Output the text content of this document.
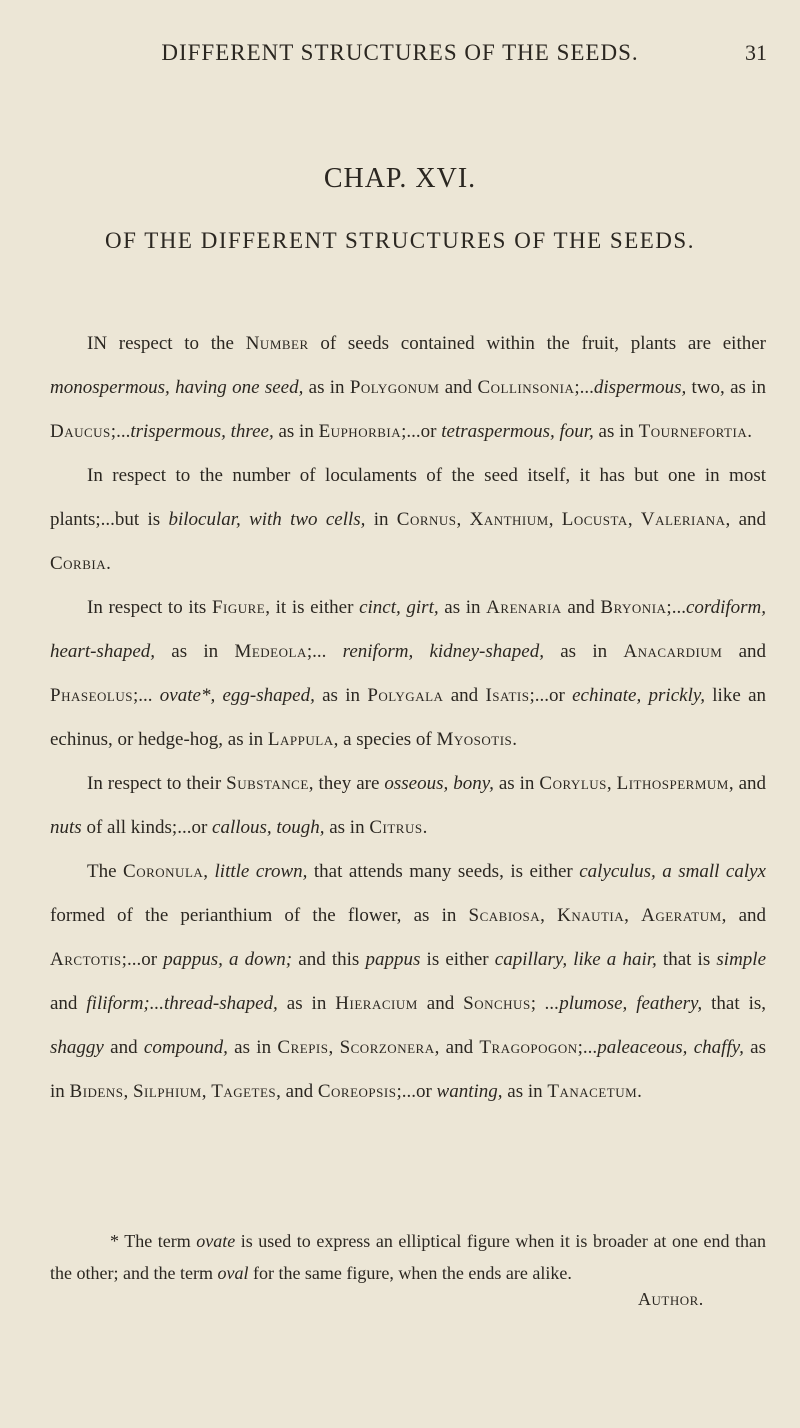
DIFFERENT STRUCTURES OF THE SEEDS.	31
CHAP. XVI.
OF THE DIFFERENT STRUCTURES OF THE SEEDS.

IN respect to the Number of seeds contained within the fruit, plants are either monospermous, having one seed, as in Polygonum and Collinsonia;...dispermous, two, as in Daucus;...trispermous, three, as in Euphorbia;...or tetraspermous, four, as in Tournefortia.

In respect to the number of loculaments of the seed itself, it has but one in most plants;...but is bilocular, with two cells, in Cornus, Xanthium, Locusta, Valeriana, and Corbia.

In respect to its Figure, it is either cinct, girt, as in Arenaria and Bryonia;...cordiform, heart-shaped, as in Medeola;... reniform, kidney-shaped, as in Anacardium and Phaseolus;... ovate*, egg-shaped, as in Polygala and Isatis;...or echinate, prickly, like an echinus, or hedge-hog, as in Lappula, a species of Myosotis.

In respect to their Substance, they are osseous, bony, as in Corylus, Lithospermum, and nuts of all kinds;...or callous, tough, as in Citrus.

The Coronula, little crown, that attends many seeds, is either calyculus, a small calyx formed of the perianthium of the flower, as in Scabiosa, Knautia, Ageratum, and Arctotis;...or pappus, a down; and this pappus is either capillary, like a hair, that is simple and filiform;...thread-shaped, as in Hieracium and Sonchus; ...plumose, feathery, that is, shaggy and compound, as in Crepis, Scorzonera, and Tragopogon;...paleaceous, chaffy, as in Bidens, Silphium, Tagetes, and Coreopsis;...or wanting, as in Tanacetum.

* The term ovate is used to express an elliptical figure when it is broader at one end than the other; and the term oval for the same figure, when the ends are alike.
Author.
